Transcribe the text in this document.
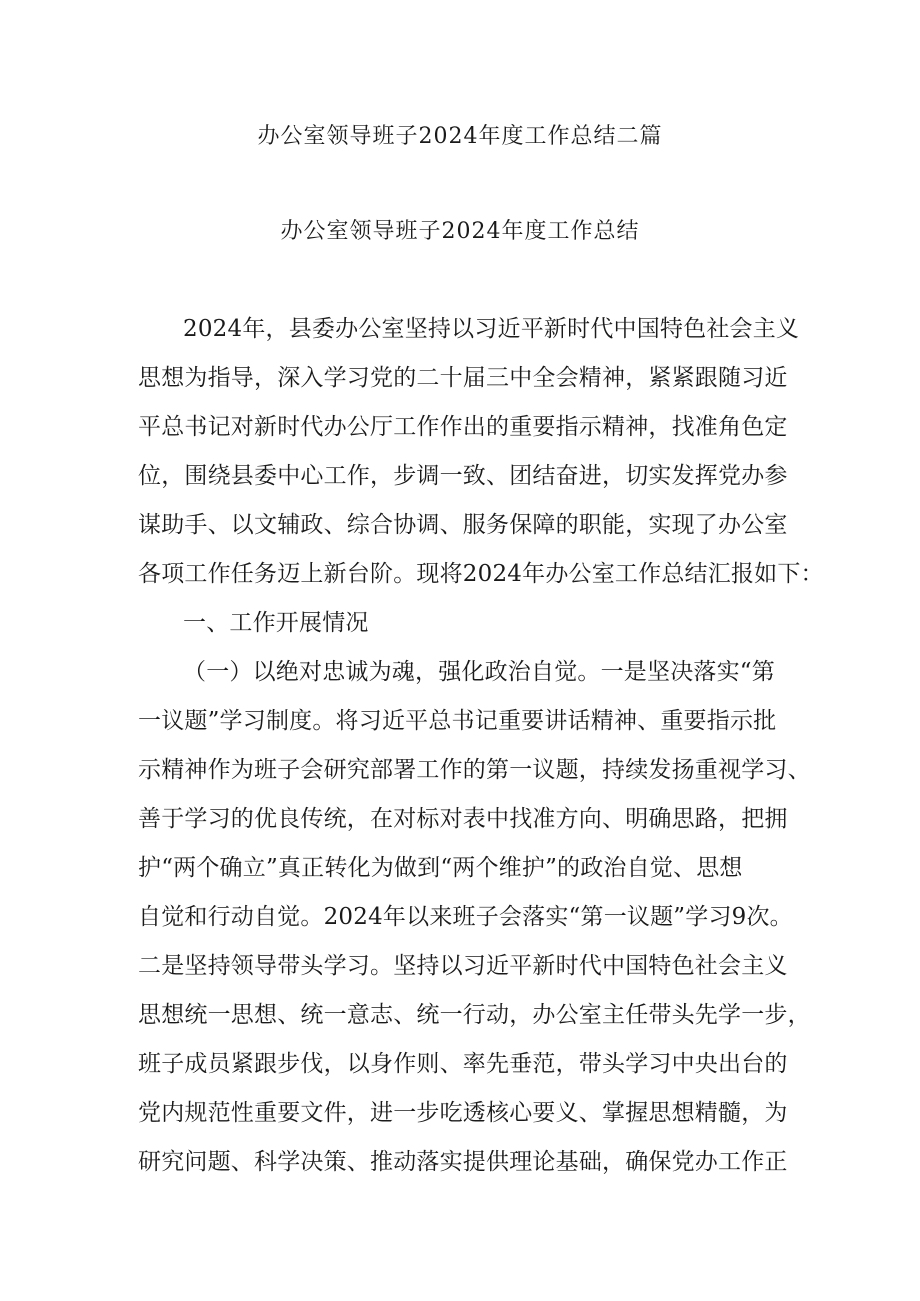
办公室领导班子2024年度工作总结二篇
办公室领导班子2024年度工作总结
2024年，县委办公室坚持以习近平新时代中国特色社会主义
思想为指导，深入学习党的二十届三中全会精神，紧紧跟随习近
平总书记对新时代办公厅工作作出的重要指示精神，找准角色定
位，围绕县委中心工作，步调一致、团结奋进，切实发挥党办参
谋助手、以文辅政、综合协调、服务保障的职能，实现了办公室
各项工作任务迈上新台阶。现将2024年办公室工作总结汇报如下：
一、工作开展情况
（一）以绝对忠诚为魂，强化政治自觉。一是坚决落实“第
一议题”学习制度。将习近平总书记重要讲话精神、重要指示批
示精神作为班子会研究部署工作的第一议题，持续发扬重视学习、
善于学习的优良传统，在对标对表中找准方向、明确思路，把拥
护“两个确立”真正转化为做到“两个维护”的政治自觉、思想
自觉和行动自觉。2024年以来班子会落实“第一议题”学习9次。
二是坚持领导带头学习。坚持以习近平新时代中国特色社会主义
思想统一思想、统一意志、统一行动，办公室主任带头先学一步，
班子成员紧跟步伐，以身作则、率先垂范，带头学习中央出台的
党内规范性重要文件，进一步吃透核心要义、掌握思想精髓，为
研究问题、科学决策、推动落实提供理论基础，确保党办工作正
